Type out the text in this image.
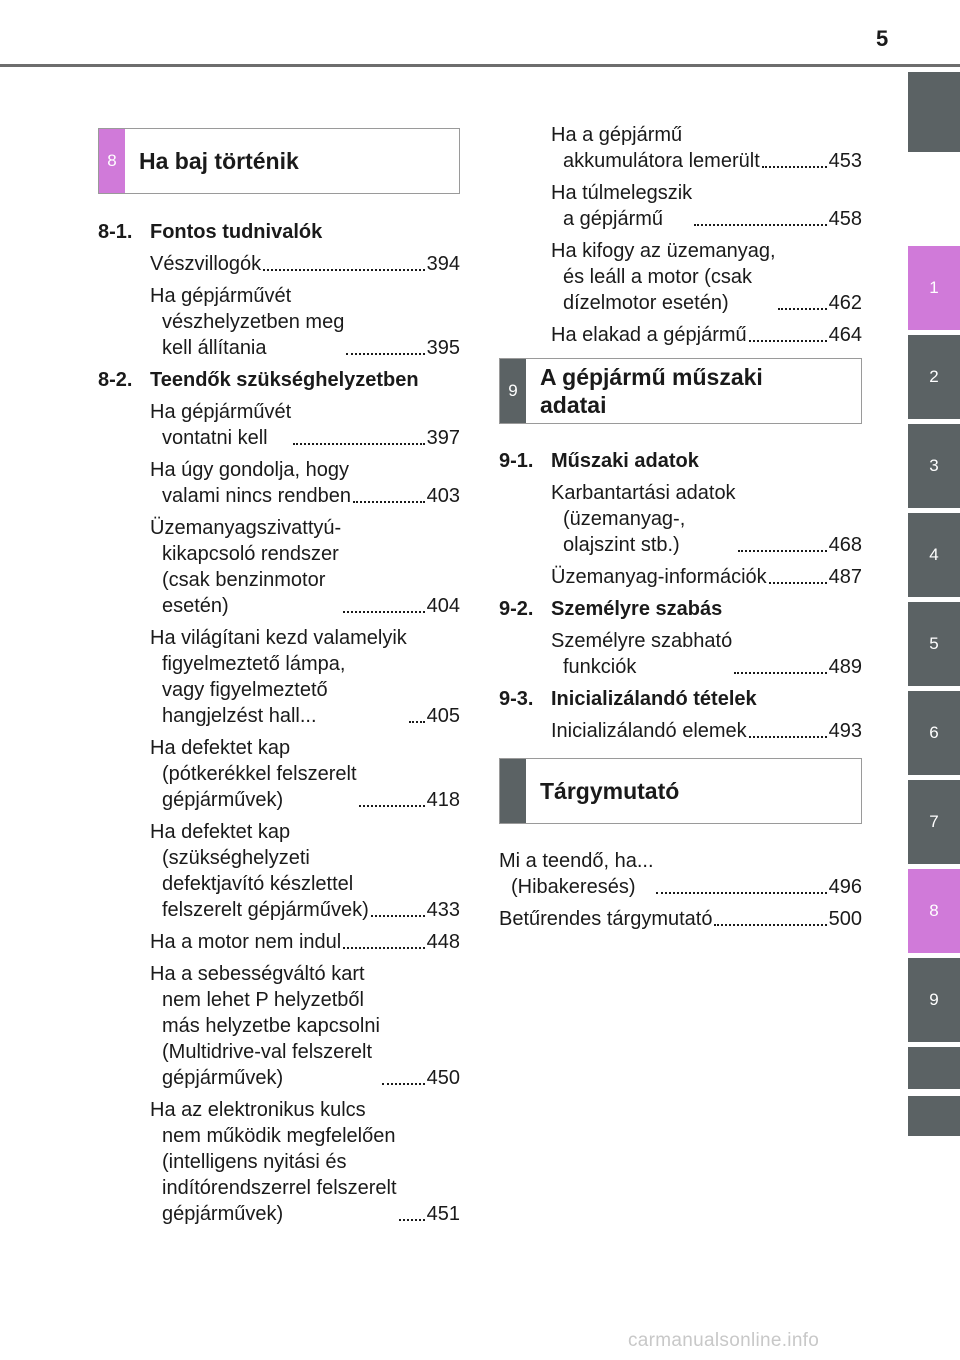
5
1
2
3
4
5
6
7
8
9
8 Ha baj történik
8-1. Fontos tudnivalók
Vészvillogók	394
Ha gépjárművét
vészhelyzetben meg
kell állítania	395
8-2. Teendők szükséghelyzetben
Ha gépjárművét
vontatni kell	397
Ha úgy gondolja, hogy
valami nincs rendben	403
Üzemanyagszivattyú-
kikapcsoló rendszer
(csak benzinmotor
esetén)	404
Ha világítani kezd valamelyik
figyelmeztető lámpa,
vagy figyelmeztető
hangjelzést hall...	405
Ha defektet kap
(pótkerékkel felszerelt
gépjárművek)	418
Ha defektet kap
(szükséghelyzeti
defektjavító készlettel
felszerelt gépjárművek)	433
Ha a motor nem indul	448
Ha a sebességváltó kart
nem lehet P helyzetből
más helyzetbe kapcsolni
(Multidrive-val felszerelt
gépjárművek)	450
Ha az elektronikus kulcs
nem működik megfelelően
(intelligens nyitási és
indítórendszerrel felszerelt
gépjárművek)	451
Ha a gépjármű
akkumulátora lemerült	453
Ha túlmelegszik
a gépjármű	458
Ha kifogy az üzemanyag,
és leáll a motor (csak
dízelmotor esetén)	462
Ha elakad a gépjármű	464
9
A gépjármű műszaki
adatai
9-1. Műszaki adatok
Karbantartási adatok
(üzemanyag-,
olajszint stb.)	468
Üzemanyag-információk	487
9-2. Személyre szabás
Személyre szabható
funkciók	489
9-3. Inicializálandó tételek
Inicializálandó elemek	493
Tárgymutató
Mi a teendő, ha...
(Hibakeresés)	496
Betűrendes tárgymutató	500
carmanualsonline.info
